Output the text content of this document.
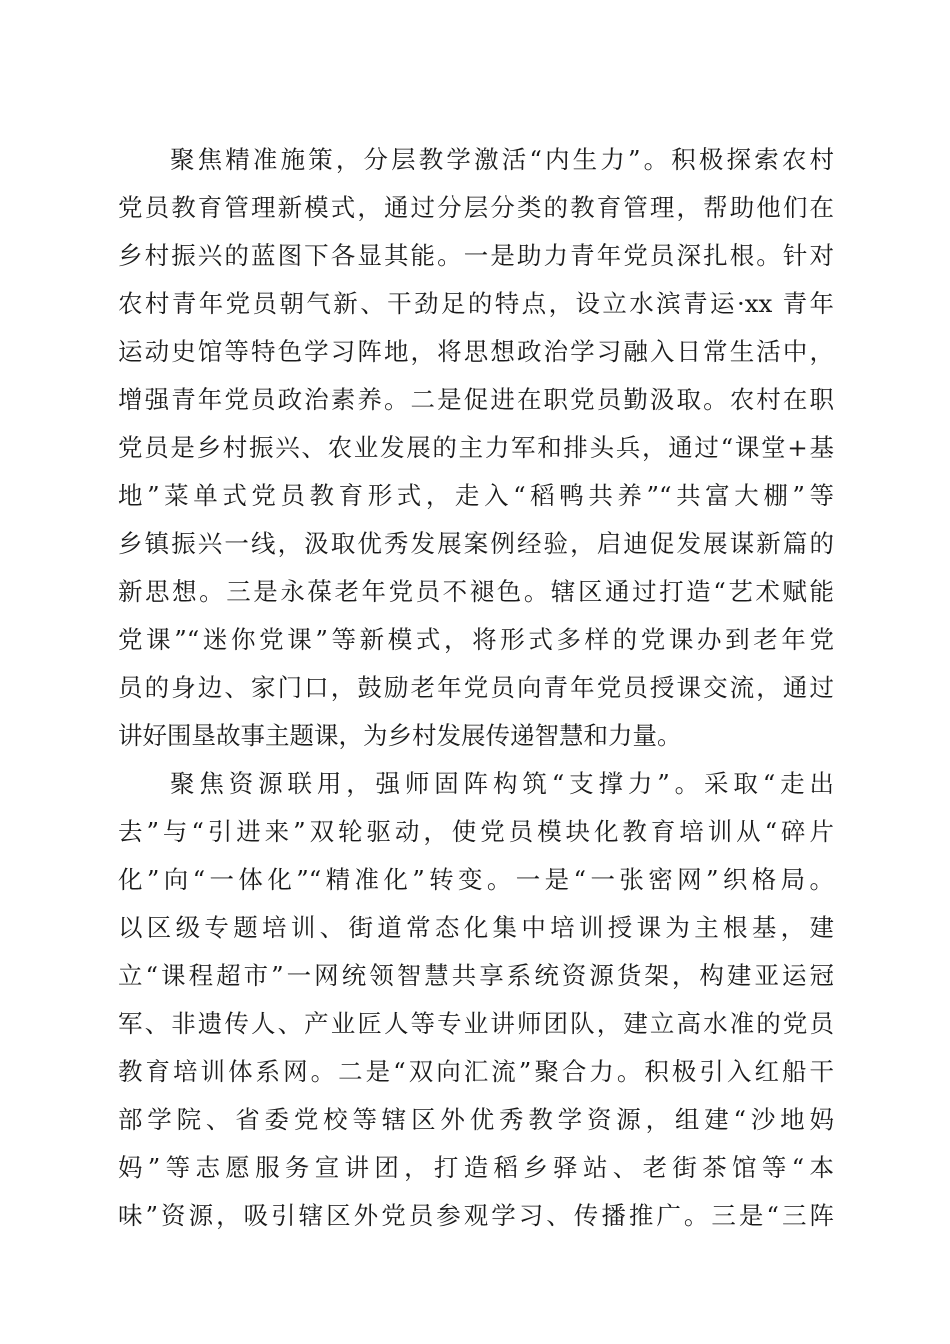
聚焦精准施策，分层教学激活“内生力”。积极探索农村
党员教育管理新模式，通过分层分类的教育管理，帮助他们在
乡村振兴的蓝图下各显其能。一是助力青年党员深扎根。针对
农村青年党员朝气新、干劲足的特点，设立水滨青运·xx 青年
运动史馆等特色学习阵地，将思想政治学习融入日常生活中，
增强青年党员政治素养。二是促进在职党员勤汲取。农村在职
党员是乡村振兴、农业发展的主力军和排头兵，通过“课堂+基
地”菜单式党员教育形式，走入“稻鸭共养”“共富大棚”等
乡镇振兴一线，汲取优秀发展案例经验，启迪促发展谋新篇的
新思想。三是永葆老年党员不褪色。辖区通过打造“艺术赋能
党课”“迷你党课”等新模式，将形式多样的党课办到老年党
员的身边、家门口，鼓励老年党员向青年党员授课交流，通过
讲好围垦故事主题课，为乡村发展传递智慧和力量。
聚焦资源联用，强师固阵构筑“支撑力”。采取“走出
去”与“引进来”双轮驱动，使党员模块化教育培训从“碎片
化”向“一体化”“精准化”转变。一是“一张密网”织格局。
以区级专题培训、街道常态化集中培训授课为主根基，建
立“课程超市”一网统领智慧共享系统资源货架，构建亚运冠
军、非遗传人、产业匠人等专业讲师团队，建立高水准的党员
教育培训体系网。二是“双向汇流”聚合力。积极引入红船干
部学院、省委党校等辖区外优秀教学资源，组建“沙地妈
妈”等志愿服务宣讲团，打造稻乡驿站、老街茶馆等“本
味”资源，吸引辖区外党员参观学习、传播推广。三是“三阵
